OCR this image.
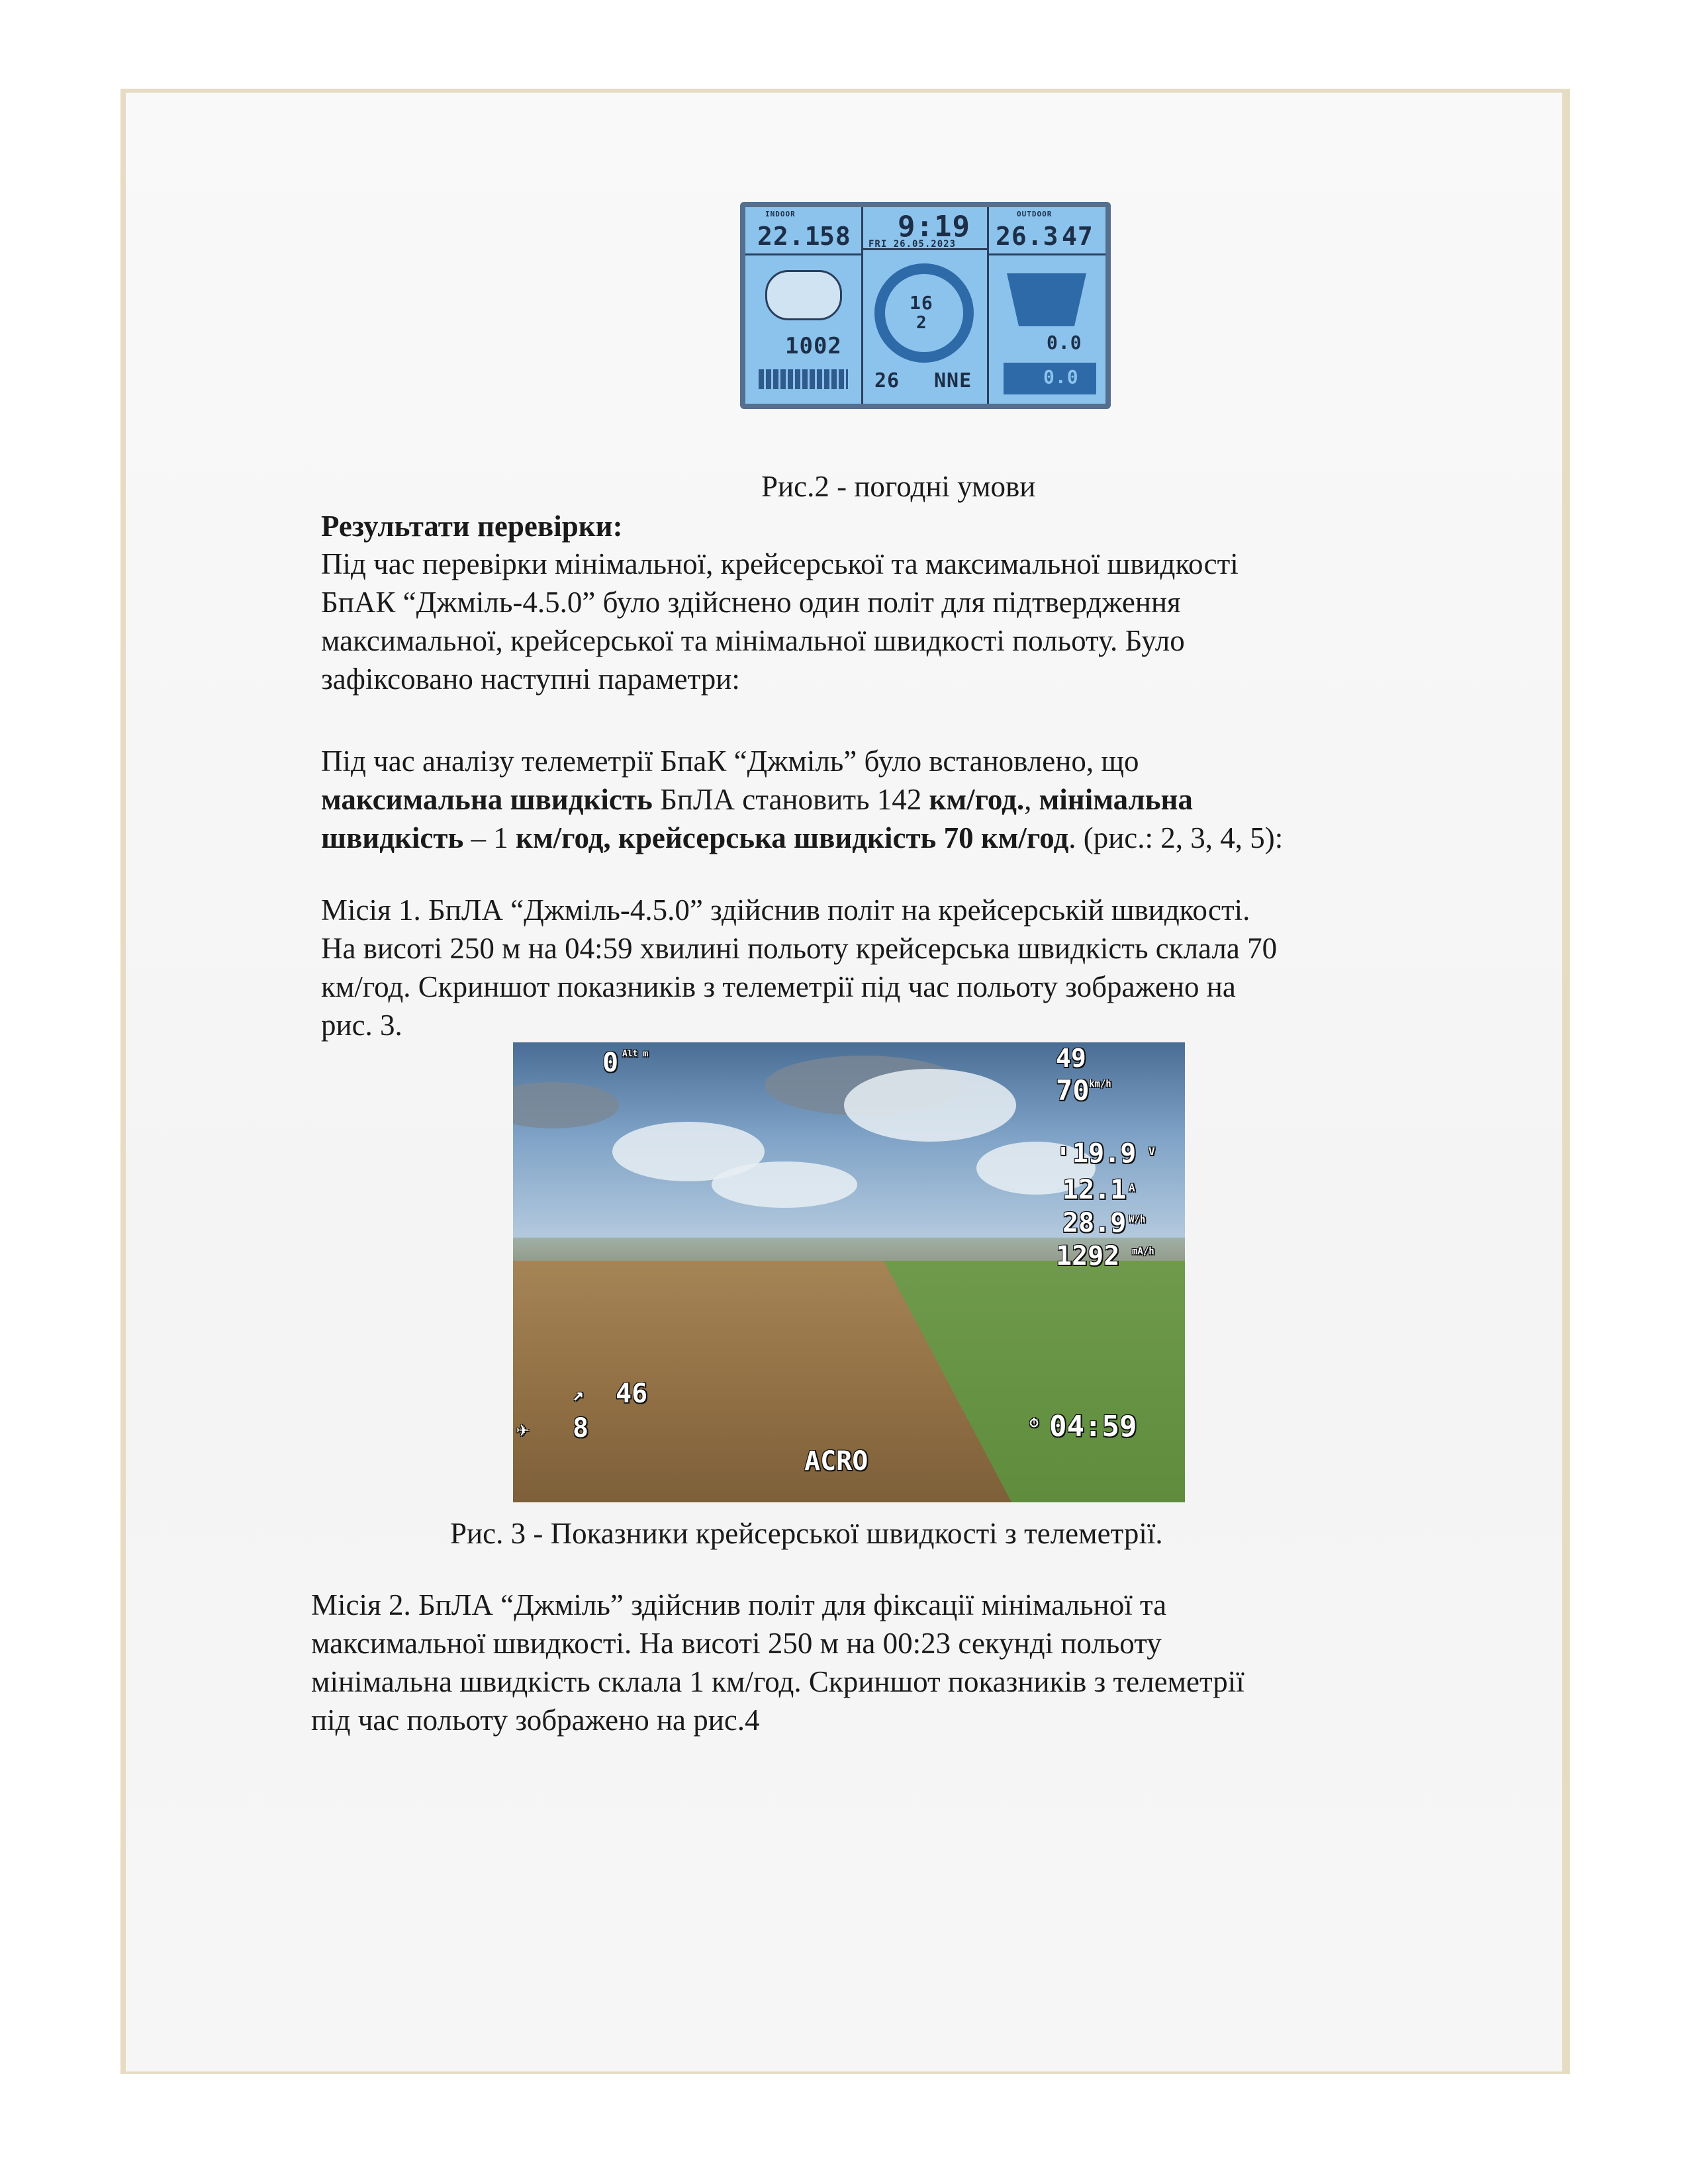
INDOOR
22.1
58 9:19
FRI 26.05.2023
OUTDOOR
26.3 47
1002
16
2
26 NNE
0.0
0.0
Рис.2 - погодні умови
Результати перевірки:
Під час перевірки мінімальної, крейсерської та максимальної швидкості
БпАК “Джміль-4.5.0” було здійснено один політ для підтвердження
максимальної, крейсерської та мінімальної швидкості польоту. Було
зафіксовано наступні параметри:
Під час аналізу телеметрії БпаК “Джміль” було встановлено, що
максимальна швидкість БпЛА становить 142 км/год., мінімальна
швидкість – 1 км/год, крейсерська швидкість 70 км/год. (рис.: 2, 3, 4, 5):
Місія 1. БпЛА “Джміль-4.5.0” здійснив політ на крейсерській швидкості.
На висоті 250 м на 04:59 хвилині польоту крейсерська швидкість склала 70
км/год. Скриншот показників з телеметрії під час польоту зображено на
рис. 3.
0 Alt m	49
70 km/h
▮ 19.9 V
12.1 A
28.9 W/h
1292 mA/h
↗ 46
✈ 8	⏱ 04:59
ACRO
Рис. 3 - Показники крейсерської швидкості з телеметрії.
Місія 2. БпЛА “Джміль” здійснив політ для фіксації мінімальної та
максимальної швидкості. На висоті 250 м на 00:23 секунді польоту
мінімальна швидкість склала 1 км/год. Скриншот показників з телеметрії
під час польоту зображено на рис.4
